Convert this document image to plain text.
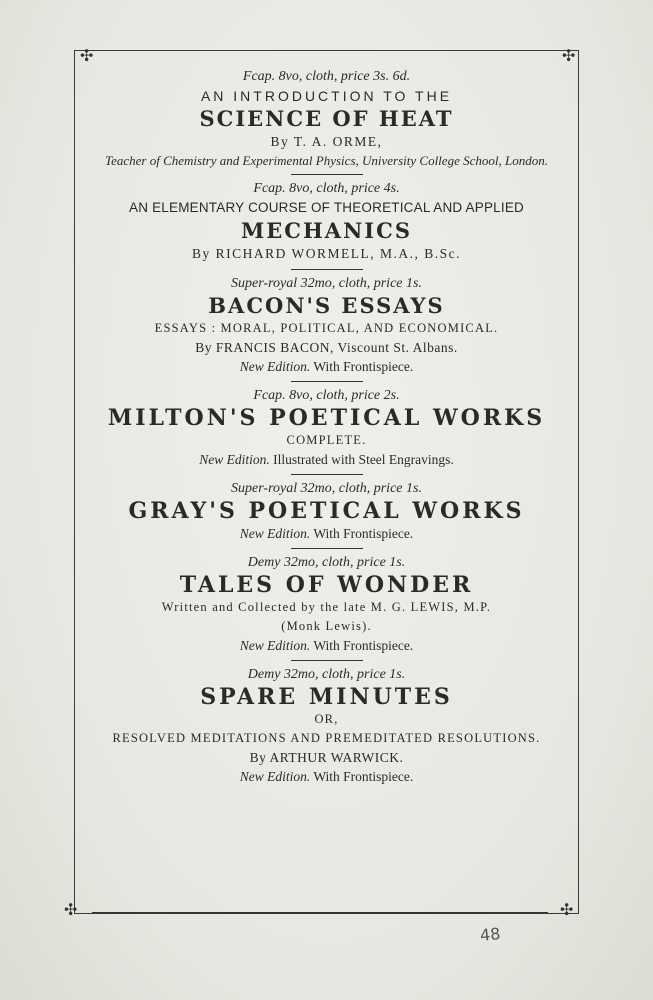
✣	✣
✣	✣
Fcap. 8vo, cloth, price 3s. 6d.
AN INTRODUCTION TO THE
SCIENCE OF HEAT
By T. A. ORME,
Teacher of Chemistry and Experimental Physics, University College School, London.
Fcap. 8vo, cloth, price 4s.
AN ELEMENTARY COURSE OF THEORETICAL AND APPLIED
MECHANICS
By RICHARD WORMELL, M.A., B.Sc.
Super-royal 32mo, cloth, price 1s.
BACON'S ESSAYS
ESSAYS : MORAL, POLITICAL, AND ECONOMICAL.
By FRANCIS BACON, Viscount St. Albans.
New Edition. With Frontispiece.
Fcap. 8vo, cloth, price 2s.
MILTON'S POETICAL WORKS
COMPLETE.
New Edition. Illustrated with Steel Engravings.
Super-royal 32mo, cloth, price 1s.
GRAY'S POETICAL WORKS
New Edition. With Frontispiece.
Demy 32mo, cloth, price 1s.
TALES OF WONDER
Written and Collected by the late M. G. LEWIS, M.P.
(Monk Lewis).
New Edition. With Frontispiece.
Demy 32mo, cloth, price 1s.
SPARE MINUTES
OR,
RESOLVED MEDITATIONS AND PREMEDITATED RESOLUTIONS.
By ARTHUR WARWICK.
New Edition. With Frontispiece.
48
